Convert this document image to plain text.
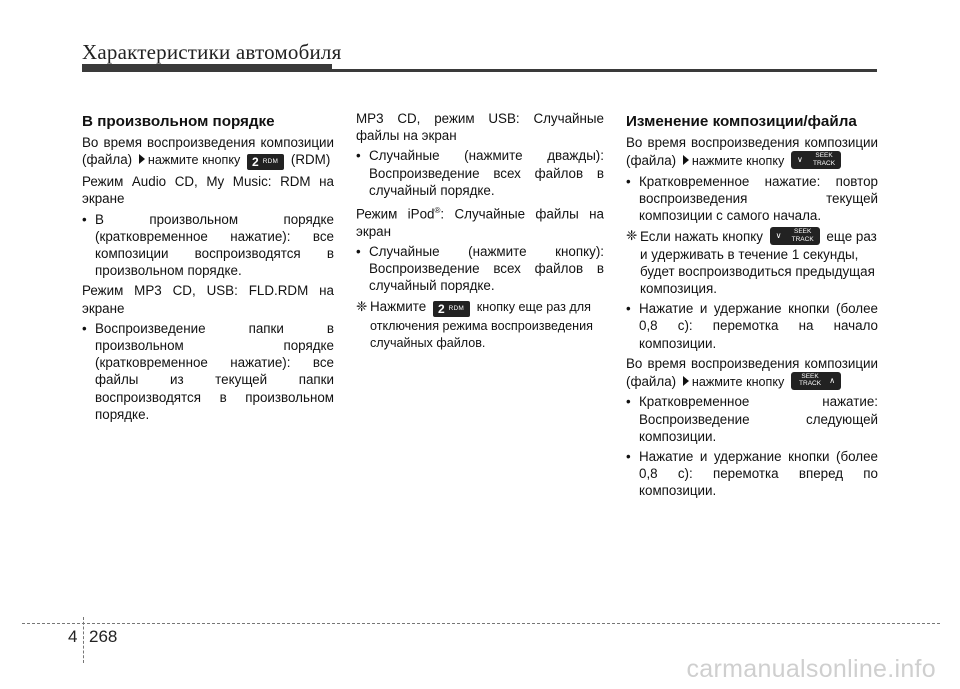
Характеристики автомобиля
В произвольном порядке
Во время воспроизведения композиции (файла) нажмите кнопку 2 RDM (RDM)
Режим Audio CD, My Music: RDM на экране
• В произвольном порядке (кратковременное нажатие): все композиции воспроизводятся в произвольном порядке.
Режим MP3 CD, USB: FLD.RDM на экране
• Воспроизведение папки в произвольном порядке (кратковременное нажатие): все файлы из текущей папки воспроизводятся в произвольном порядке.
MP3 CD, режим USB: Случайные файлы на экран
• Случайные (нажмите дважды): Воспроизведение всех файлов в случайный порядке.
Режим iPod®: Случайные файлы на экран
• Случайные (нажмите кнопку): Воспроизведение всех файлов в случайный порядке.
❈ Нажмите 2 RDM кнопку еще раз для отключения режима воспроизведения случайных файлов.
Изменение композиции/файла
Во время воспроизведения композиции (файла) нажмите кнопку ∨	SEEK
TRACK
• Кратковременное нажатие: повтор воспроизведения текущей композиции с самого начала.
❈ Если нажать кнопку ∨	SEEK
TRACK еще раз и удерживать в течение 1 секунды, будет воспроизводиться предыдущая композиция.
• Нажатие и удержание кнопки (более 0,8 с): перемотка на начало композиции.
Во время воспроизведения композиции (файла) нажмите кнопку	SEEK
TRACK ∧
• Кратковременное нажатие: Воспроизведение следующей композиции.
• Нажатие и удержание кнопки (более 0,8 с): перемотка вперед по композиции.
4 268
carmanualsonline.info
